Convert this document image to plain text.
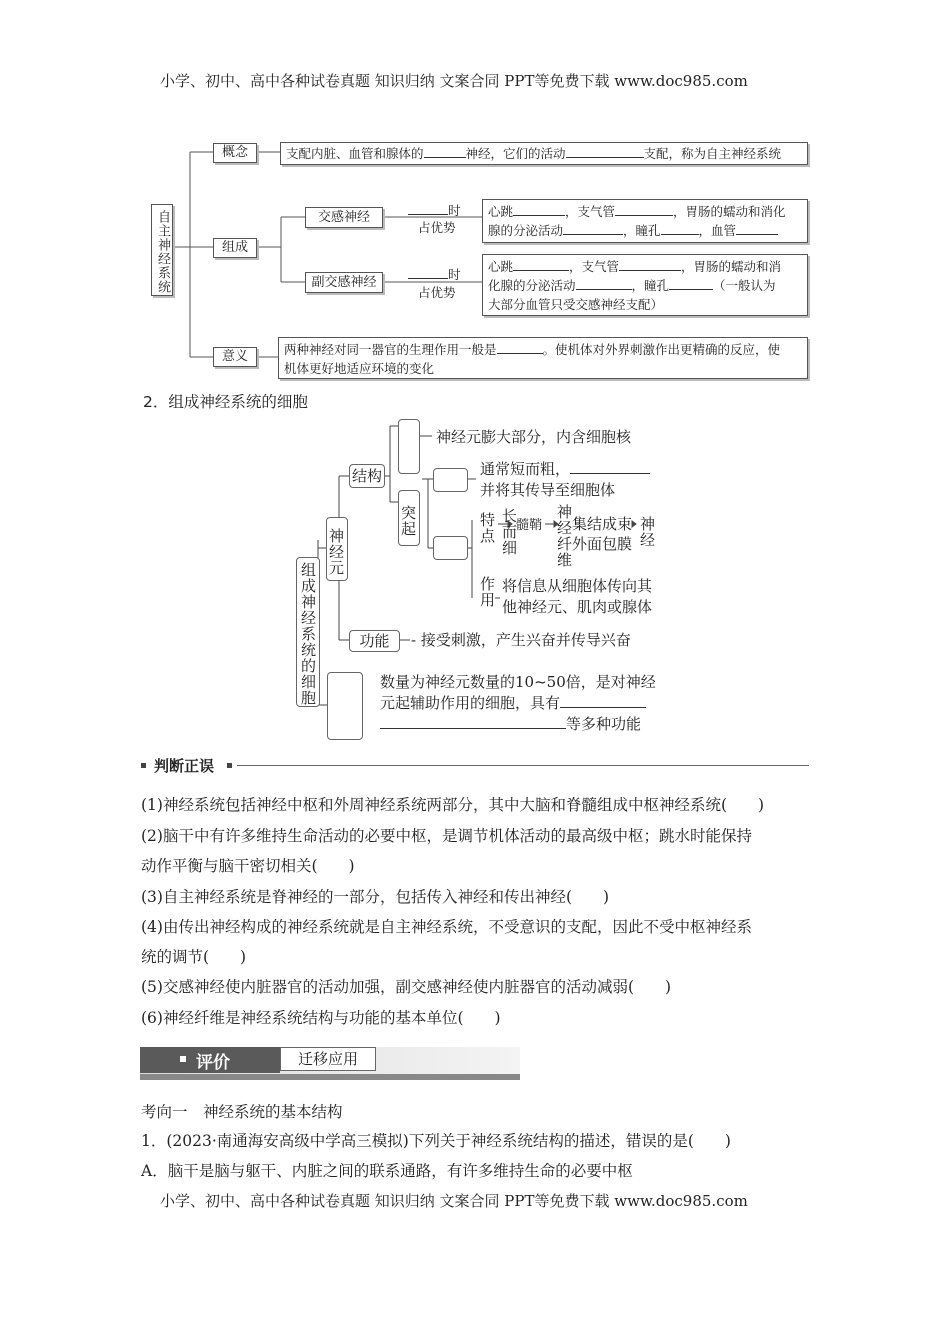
小学、初中、高中各种试卷真题 知识归纳 文案合同 PPT等免费下载 www.doc985.com
自主神经系统
概念	支配内脏、血管和腺体的	神经，它们的活动	支配，称为自主神经系统
组成
交感神经	时
占优势
心跳	，支气管	，胃肠的蠕动和消化
腺的分泌活动	，瞳孔	，血管
副交感神经
时
占优势
心跳	，支气管	，胃肠的蠕动和消
化腺的分泌活动	，瞳孔	（一般认为
大部分血管只受交感神经支配）
意义	两种神经对同一器官的生理作用一般是	。使机体对外界刺激作出更精确的反应，使
机体更好地适应环境的变化
2．组成神经系统的细胞
组成神经系统的细胞
神经元
结构
神经元膨大部分，内含细胞核
突起
通常短而粗，
并将其传导至细胞体
特点 长而细
髓鞘 神经纤维 集结成束
外面包膜 神经
作用 将信息从细胞体传向其
他神经元、肌肉或腺体
功能	- 接受刺激，产生兴奋并传导兴奋
数量为神经元数量的10~50倍，是对神经
元起辅助作用的细胞，具有
等多种功能
判断正误
(1)神经系统包括神经中枢和外周神经系统两部分，其中大脑和脊髓组成中枢神经系统(　　)
(2)脑干中有许多维持生命活动的必要中枢，是调节机体活动的最高级中枢；跳水时能保持
动作平衡与脑干密切相关(　　)
(3)自主神经系统是脊神经的一部分，包括传入神经和传出神经(　　)
(4)由传出神经构成的神经系统就是自主神经系统，不受意识的支配，因此不受中枢神经系
统的调节(　　)
(5)交感神经使内脏器官的活动加强，副交感神经使内脏器官的活动减弱(　　)
(6)神经纤维是神经系统结构与功能的基本单位(　　)
评价	迁移应用
考向一　神经系统的基本结构
1．(2023·南通海安高级中学高三模拟)下列关于神经系统结构的描述，错误的是(　　)
A．脑干是脑与躯干、内脏之间的联系通路，有许多维持生命的必要中枢
小学、初中、高中各种试卷真题 知识归纳 文案合同 PPT等免费下载 www.doc985.com
